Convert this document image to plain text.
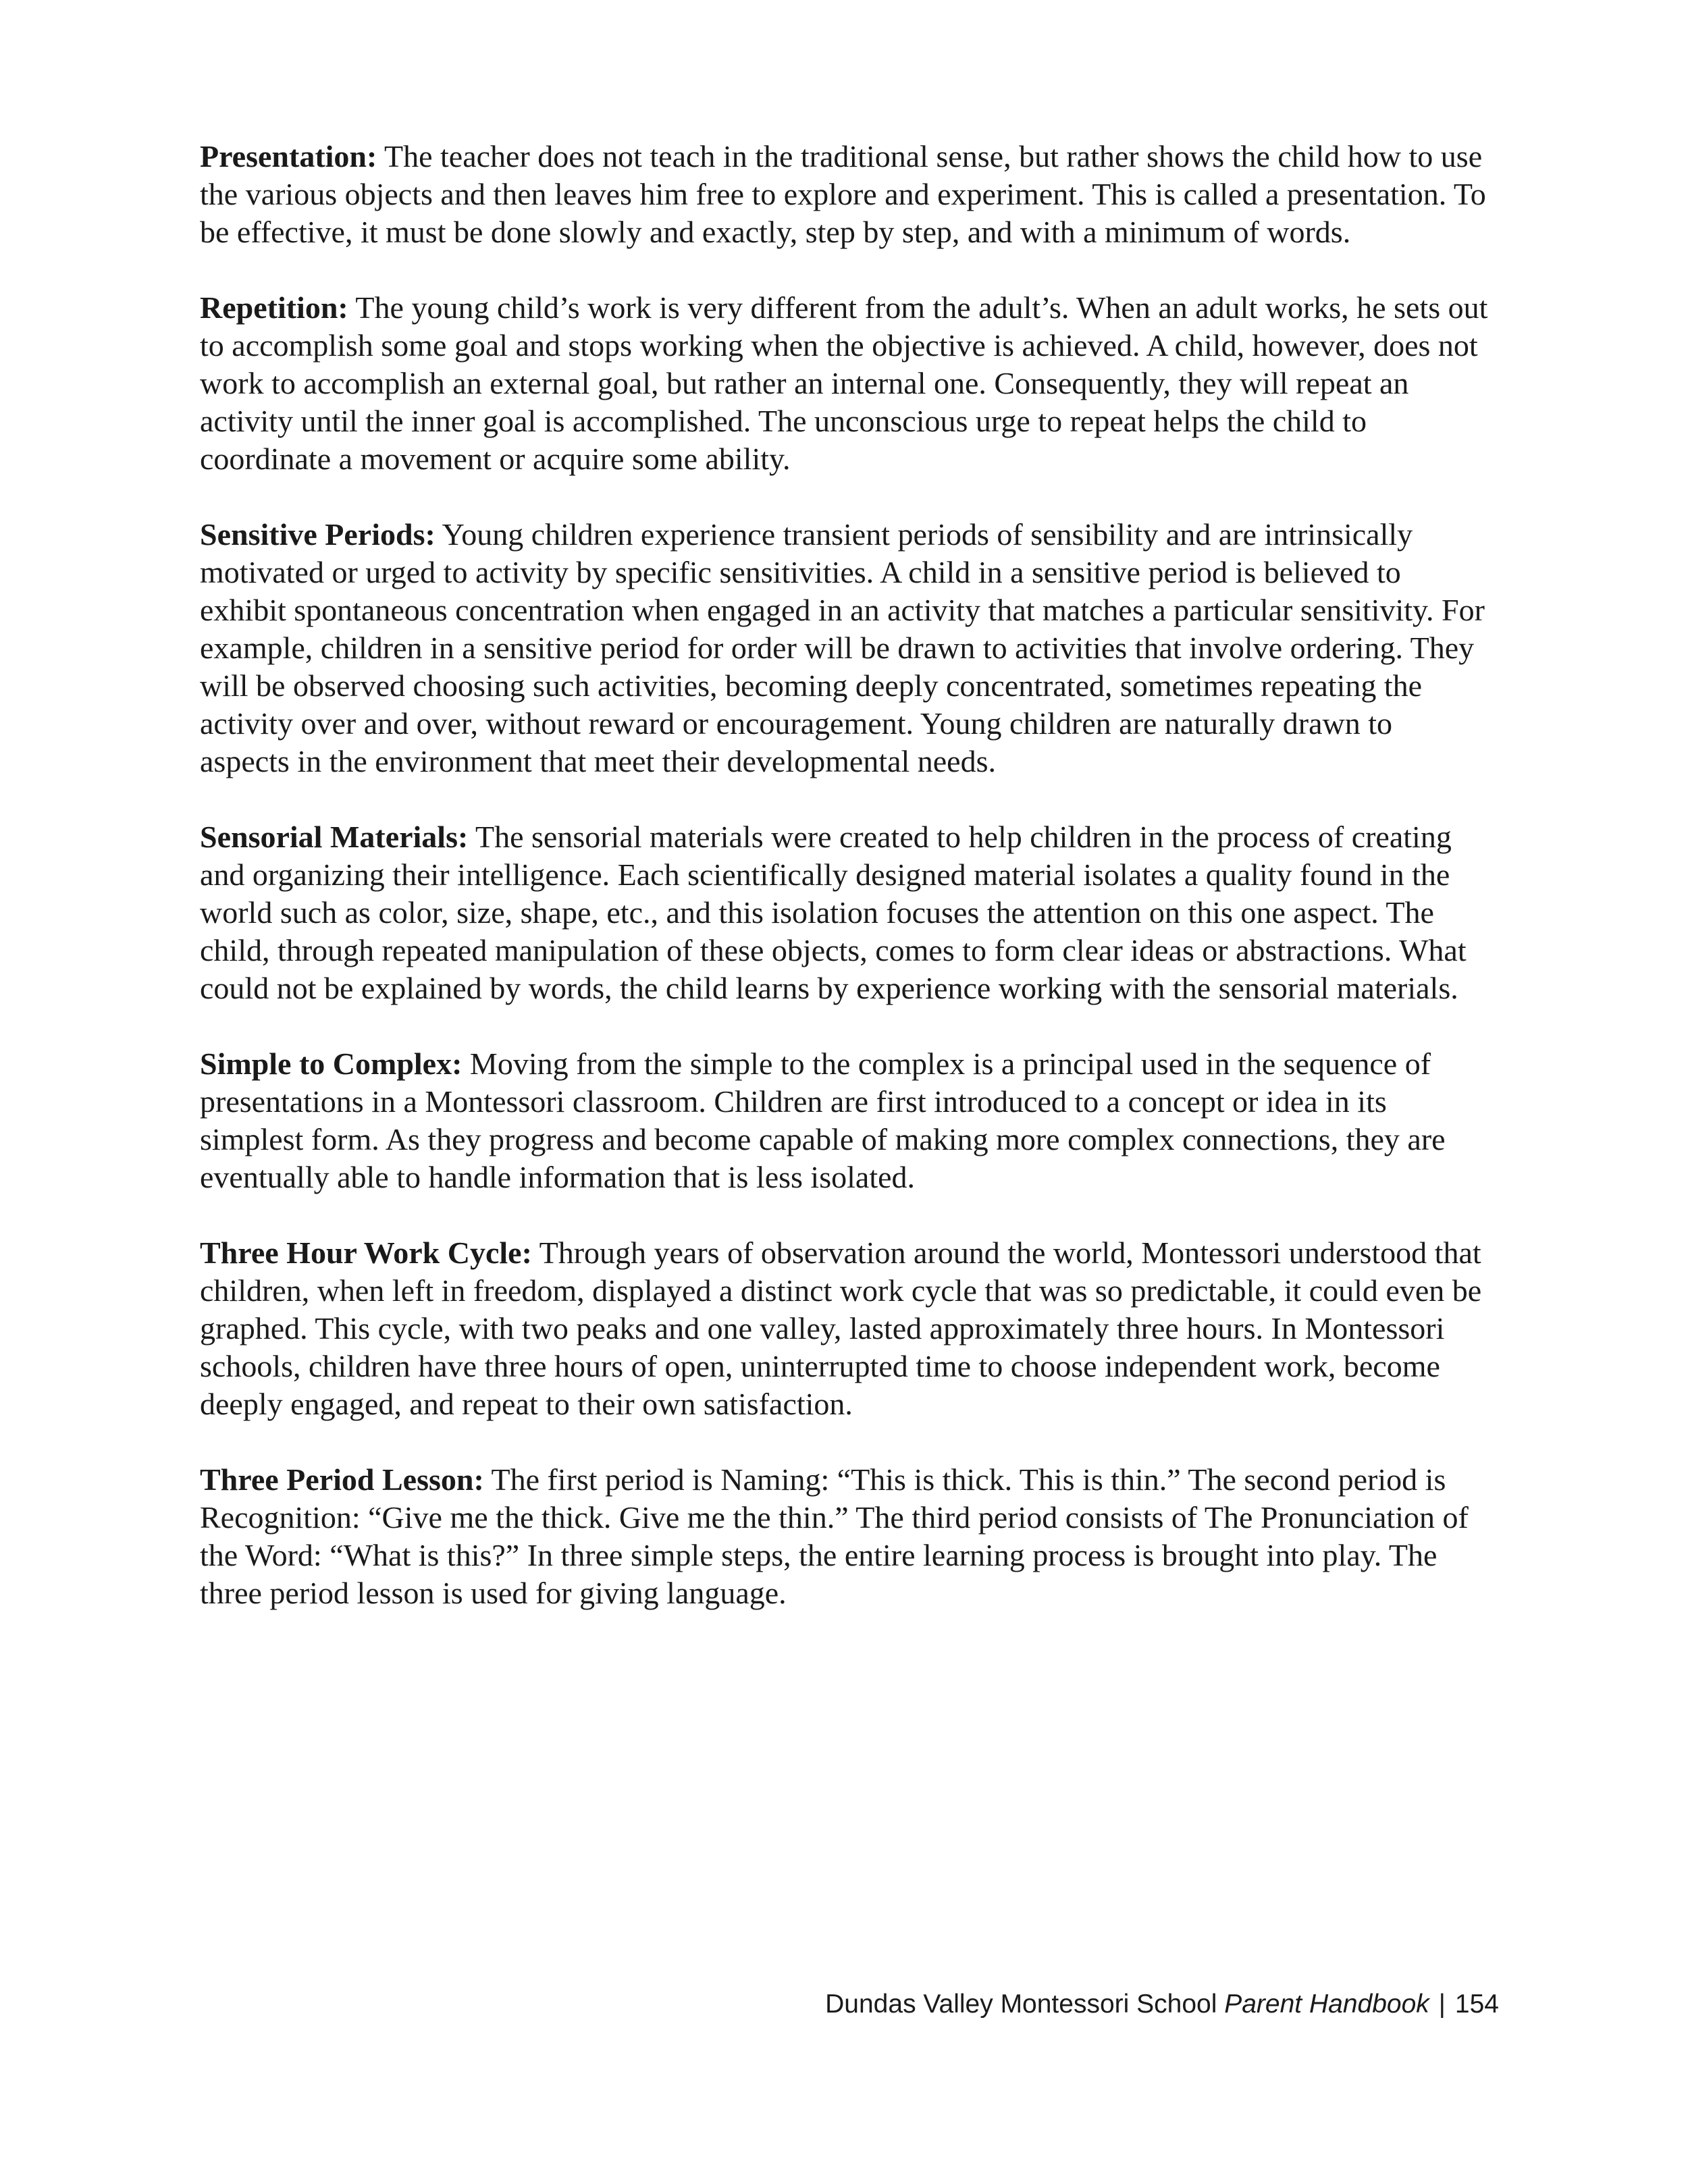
Presentation: The teacher does not teach in the traditional sense, but rather shows the child how to use the various objects and then leaves him free to explore and experiment. This is called a presentation. To be effective, it must be done slowly and exactly, step by step, and with a minimum of words.

Repetition: The young child’s work is very different from the adult’s. When an adult works, he sets out to accomplish some goal and stops working when the objective is achieved. A child, however, does not work to accomplish an external goal, but rather an internal one. Consequently, they will repeat an activity until the inner goal is accomplished. The unconscious urge to repeat helps the child to coordinate a movement or acquire some ability.

Sensitive Periods: Young children experience transient periods of sensibility and are intrinsically motivated or urged to activity by specific sensitivities. A child in a sensitive period is believed to exhibit spontaneous concentration when engaged in an activity that matches a particular sensitivity. For example, children in a sensitive period for order will be drawn to activities that involve ordering. They will be observed choosing such activities, becoming deeply concentrated, sometimes repeating the activity over and over, without reward or encouragement. Young children are naturally drawn to aspects in the environment that meet their developmental needs.

Sensorial Materials: The sensorial materials were created to help children in the process of creating and organizing their intelligence. Each scientifically designed material isolates a quality found in the world such as color, size, shape, etc., and this isolation focuses the attention on this one aspect. The child, through repeated manipulation of these objects, comes to form clear ideas or abstractions. What could not be explained by words, the child learns by experience working with the sensorial materials.

Simple to Complex: Moving from the simple to the complex is a principal used in the sequence of presentations in a Montessori classroom. Children are first introduced to a concept or idea in its simplest form. As they progress and become capable of making more complex connections, they are eventually able to handle information that is less isolated.

Three Hour Work Cycle: Through years of observation around the world, Montessori understood that children, when left in freedom, displayed a distinct work cycle that was so predictable, it could even be graphed. This cycle, with two peaks and one valley, lasted approximately three hours. In Montessori schools, children have three hours of open, uninterrupted time to choose independent work, become deeply engaged, and repeat to their own satisfaction.

Three Period Lesson: The first period is Naming: “This is thick. This is thin.” The second period is Recognition: “Give me the thick. Give me the thin.” The third period consists of The Pronunciation of the Word: “What is this?” In three simple steps, the entire learning process is brought into play. The three period lesson is used for giving language.

Dundas Valley Montessori School Parent Handbook | 154
